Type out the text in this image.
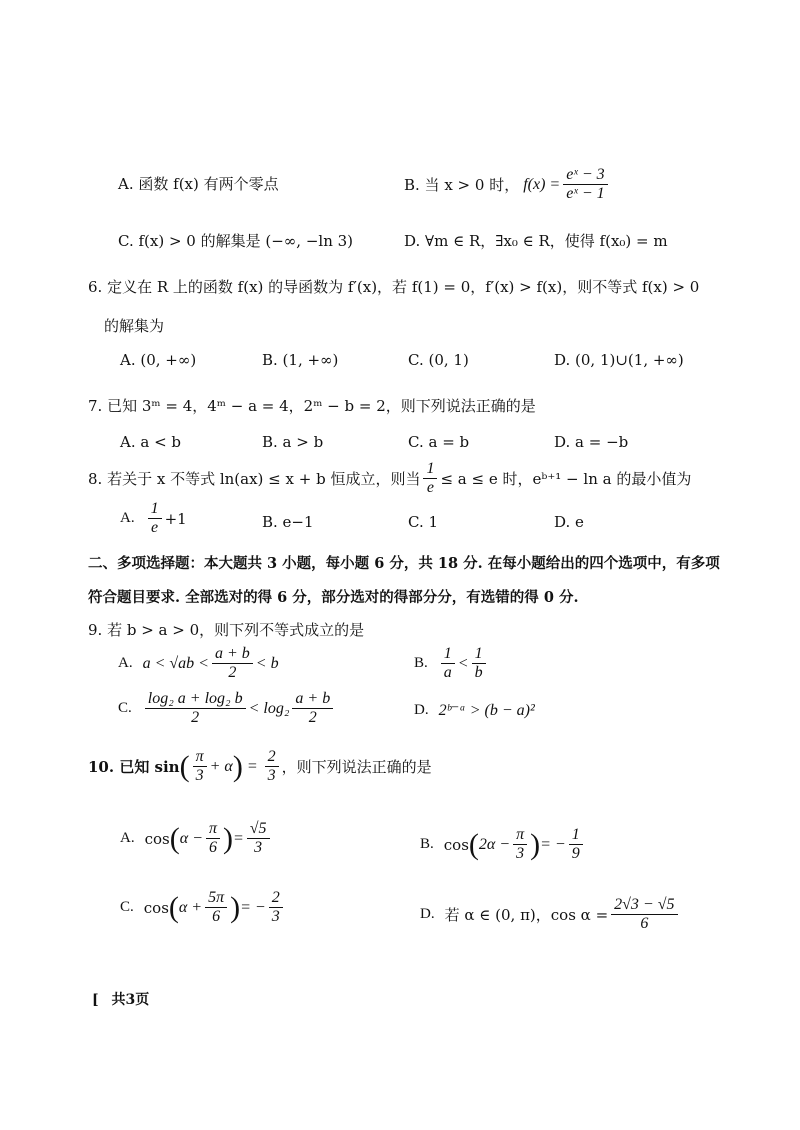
A. 函数 f(x) 有两个零点	B. 当 x > 0 时， $f(x) = \frac{\text{eˣ − 3}}{\text{eˣ − 1}}$
C. f(x) > 0 的解集是 (−∞, −ln 3)	D. ∀m ∈ R，∃x₀ ∈ R，使得 f(x₀) = m
6. 定义在 R 上的函数 f(x) 的导函数为 f′(x)，若 f(1) = 0，f′(x) > f(x)，则不等式 f(x) > 0
的解集为
A. (0, +∞)	B. (1, +∞)	C. (0, 1)	D. (0, 1)∪(1, +∞)
7. 已知 3ᵐ = 4，4ᵐ − a = 4，2ᵐ − b = 2，则下列说法正确的是
A. a < b	B. a > b	C. a = b	D. a = −b
8. 若关于 x 不等式 ln(ax) ≤ x + b 恒成立，则当 $\frac{1}{e} \le a \le e$ 时，eᵇ⁺¹ − ln a 的最小值为
A. $\frac{1}{e} +1$	B. e−1	C. 1	D. e
二、多项选择题：本大题共 3 小题，每小题 6 分，共 18 分. 在每小题给出的四个选项中，有多项
符合题目要求. 全部选对的得 6 分，部分选对的得部分分，有选错的得 0 分.
9. 若 b > a > 0，则下列不等式成立的是
A. $a < √ab < \frac{a + b}{2} < b$	B. $\frac{1}{a} < \frac{1}{b}$
C. $\frac{\text{log₂ a + log₂ b}}{2} < \log_2 \frac{a + b}{2}$	D. 2ᵇ⁻ᵃ > (b − a)²
10. 已知 sin ( $\frac{\pi}{3} + \alpha$ ) = $\frac{2}{3}$ ，则下列说法正确的是
A. cos ( $\alpha - \frac{\pi}{6}$ ) = $\frac{√5}{3}$	B. cos ( $2\alpha - \frac{\pi}{3}$ ) = − $\frac{1}{9}$
C. cos ( $\alpha + \frac{5\pi}{6}$ ) = − $\frac{2}{3}$	D. 若 α ∈ (0, π)，$\cos \alpha = \frac{2√3 - √5}{6}$
[ 共3页
